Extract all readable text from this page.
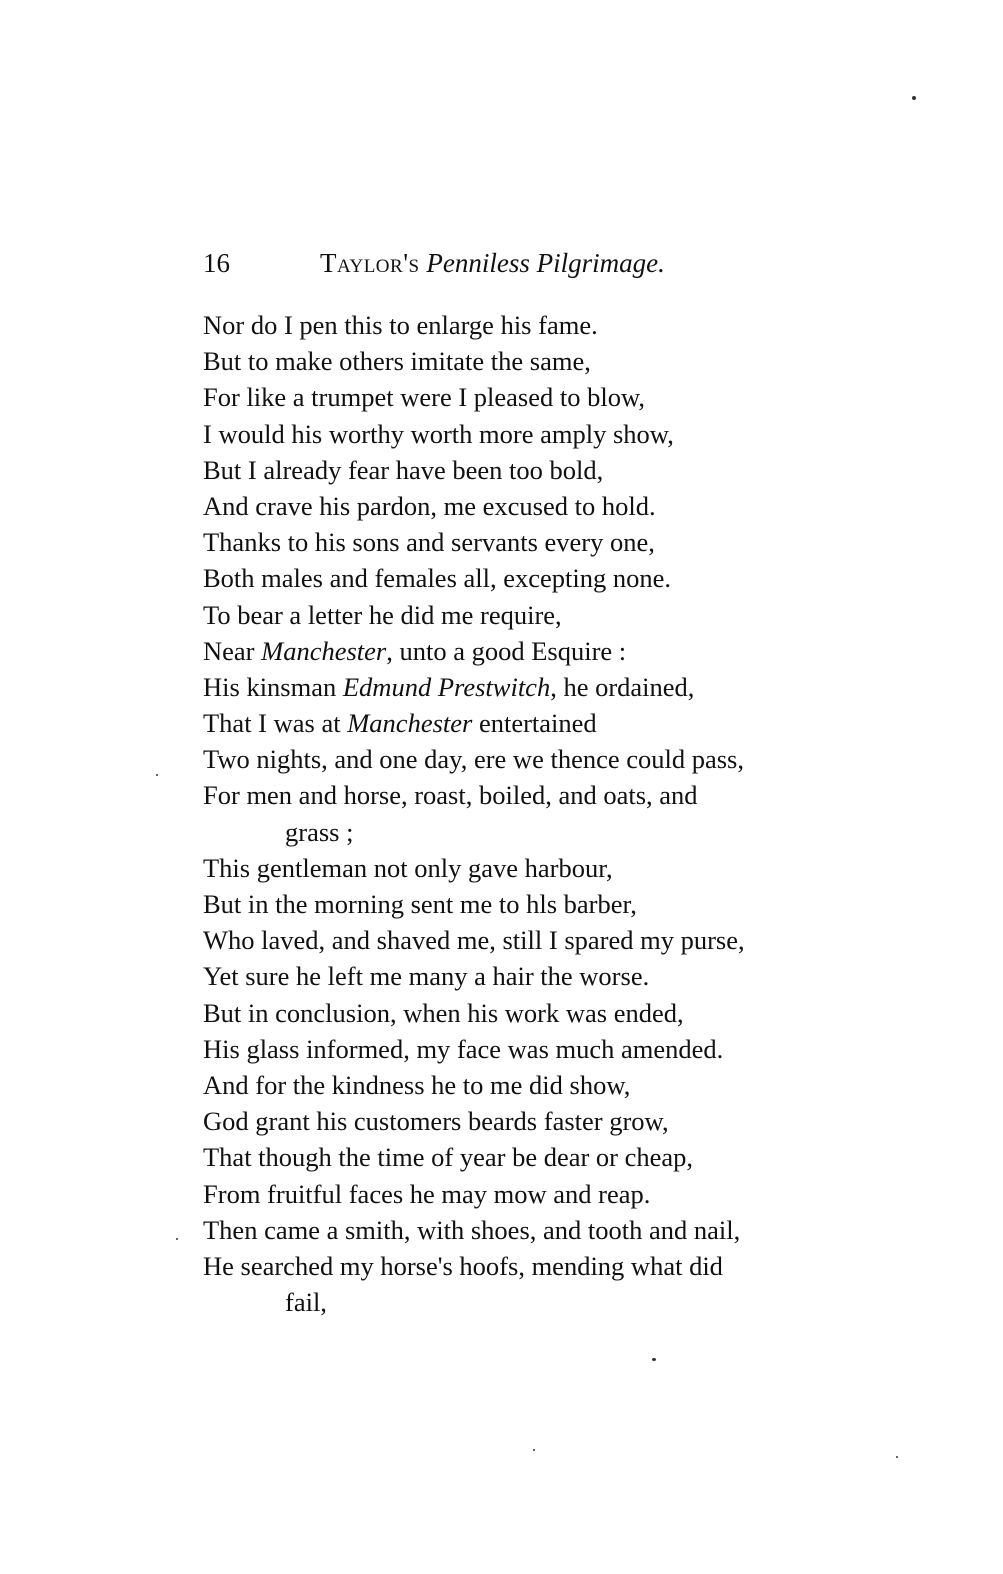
16	Taylor's Penniless Pilgrimage.
Nor do I pen this to enlarge his fame.
But to make others imitate the same,
For like a trumpet were I pleased to blow,
I would his worthy worth more amply show,
But I already fear have been too bold,
And crave his pardon, me excused to hold.
Thanks to his sons and servants every one,
Both males and females all, excepting none.
To bear a letter he did me require,
Near Manchester, unto a good Esquire :
His kinsman Edmund Prestwitch, he ordained,
That I was at Manchester entertained
Two nights, and one day, ere we thence could pass,
For men and horse, roast, boiled, and oats, and
grass ;
This gentleman not only gave harbour,
But in the morning sent me to hls barber,
Who laved, and shaved me, still I spared my purse,
Yet sure he left me many a hair the worse.
But in conclusion, when his work was ended,
His glass informed, my face was much amended.
And for the kindness he to me did show,
God grant his customers beards faster grow,
That though the time of year be dear or cheap,
From fruitful faces he may mow and reap.
Then came a smith, with shoes, and tooth and nail,
He searched my horse's hoofs, mending what did
fail,
